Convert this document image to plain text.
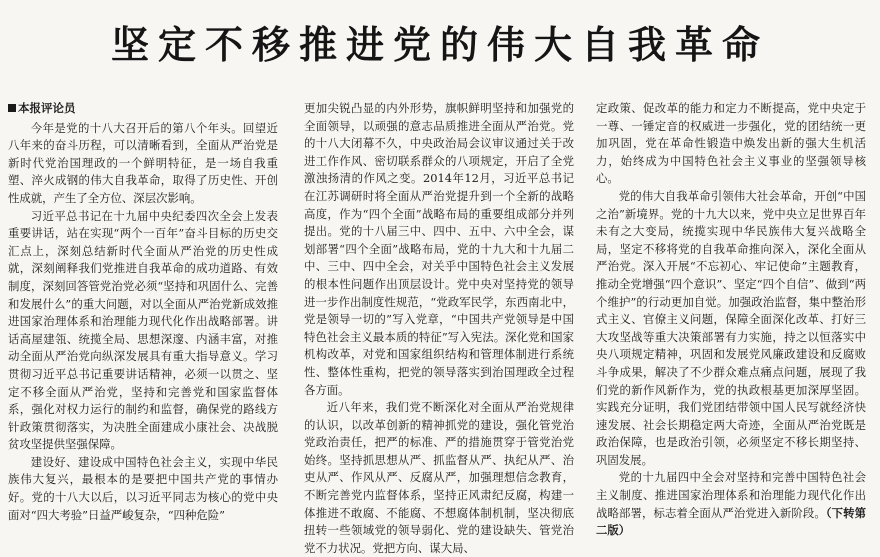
坚定不移推进党的伟大自我革命
本报评论员

今年是党的十八大召开后的第八个年头。回望近八年来的奋斗历程，可以清晰看到，全面从严治党是新时代党治国理政的一个鲜明特征，是一场自我重塑、淬火成钢的伟大自我革命，取得了历史性、开创性成就，产生了全方位、深层次影响。

习近平总书记在十九届中央纪委四次全会上发表重要讲话，站在实现“两个一百年”奋斗目标的历史交汇点上，深刻总结新时代全面从严治党的历史性成就，深刻阐释我们党推进自我革命的成功道路、有效制度，深刻回答管党治党必须“坚持和巩固什么、完善和发展什么”的重大问题，对以全面从严治党新成效推进国家治理体系和治理能力现代化作出战略部署。讲话高屋建瓴、统揽全局、思想深邃、内涵丰富，对推动全面从严治党向纵深发展具有重大指导意义。学习贯彻习近平总书记重要讲话精神，必须一以贯之、坚定不移全面从严治党，坚持和完善党和国家监督体系，强化对权力运行的制约和监督，确保党的路线方针政策贯彻落实，为决胜全面建成小康社会、决战脱贫攻坚提供坚强保障。

建设好、建设成中国特色社会主义，实现中华民族伟大复兴，最根本的是要把中国共产党的事情办好。党的十八大以后，以习近平同志为核心的党中央面对“四大考验”日益严峻复杂，“四种危险”

更加尖锐凸显的内外形势，旗帜鲜明坚持和加强党的全面领导，以顽强的意志品质推进全面从严治党。党的十八大闭幕不久，中央政治局会议审议通过关于改进工作作风、密切联系群众的八项规定，开启了全党激浊扬清的作风之变。2014年12月，习近平总书记在江苏调研时将全面从严治党提升到一个全新的战略高度，作为“四个全面”战略布局的重要组成部分并列提出。党的十八届三中、四中、五中、六中全会，谋划部署“四个全面”战略布局，党的十九大和十九届二中、三中、四中全会，对关乎中国特色社会主义发展的根本性问题作出顶层设计。党中央对坚持党的领导进一步作出制度性规范，“党政军民学，东西南北中，党是领导一切的”写入党章，“中国共产党领导是中国特色社会主义最本质的特征”写入宪法。深化党和国家机构改革，对党和国家组织结构和管理体制进行系统性、整体性重构，把党的领导落实到治国理政全过程各方面。

近八年来，我们党不断深化对全面从严治党规律的认识，以改革创新的精神抓党的建设，强化管党治党政治责任，把严的标准、严的措施贯穿于管党治党始终。坚持抓思想从严、抓监督从严、执纪从严、治吏从严、作风从严、反腐从严，加强理想信念教育，不断完善党内监督体系，坚持正风肃纪反腐，构建一体推进不敢腐、不能腐、不想腐体制机制，坚决彻底扭转一些领域党的领导弱化、党的建设缺失、管党治党不力状况。党把方向、谋大局、

定政策、促改革的能力和定力不断提高，党中央定于一尊、一锤定音的权威进一步强化，党的团结统一更加巩固，党在革命性锻造中焕发出新的强大生机活力，始终成为中国特色社会主义事业的坚强领导核心。

党的伟大自我革命引领伟大社会革命，开创“中国之治”新境界。党的十九大以来，党中央立足世界百年未有之大变局，统揽实现中华民族伟大复兴战略全局，坚定不移将党的自我革命推向深入，深化全面从严治党。深入开展“不忘初心、牢记使命”主题教育，推动全党增强“四个意识”、坚定“四个自信”、做到“两个维护”的行动更加自觉。加强政治监督，集中整治形式主义、官僚主义问题，保障全面深化改革、打好三大攻坚战等重大决策部署有力实施，持之以恒落实中央八项规定精神，巩固和发展党风廉政建设和反腐败斗争成果，解决了不少群众难点痛点问题，展现了我们党的新作风新作为，党的执政根基更加深厚坚固。实践充分证明，我们党团结带领中国人民写就经济快速发展、社会长期稳定两大奇迹，全面从严治党既是政治保障，也是政治引领，必须坚定不移长期坚持、巩固发展。

党的十九届四中全会对坚持和完善中国特色社会主义制度、推进国家治理体系和治理能力现代化作出战略部署，标志着全面从严治党进入新阶段。（下转第二版）
